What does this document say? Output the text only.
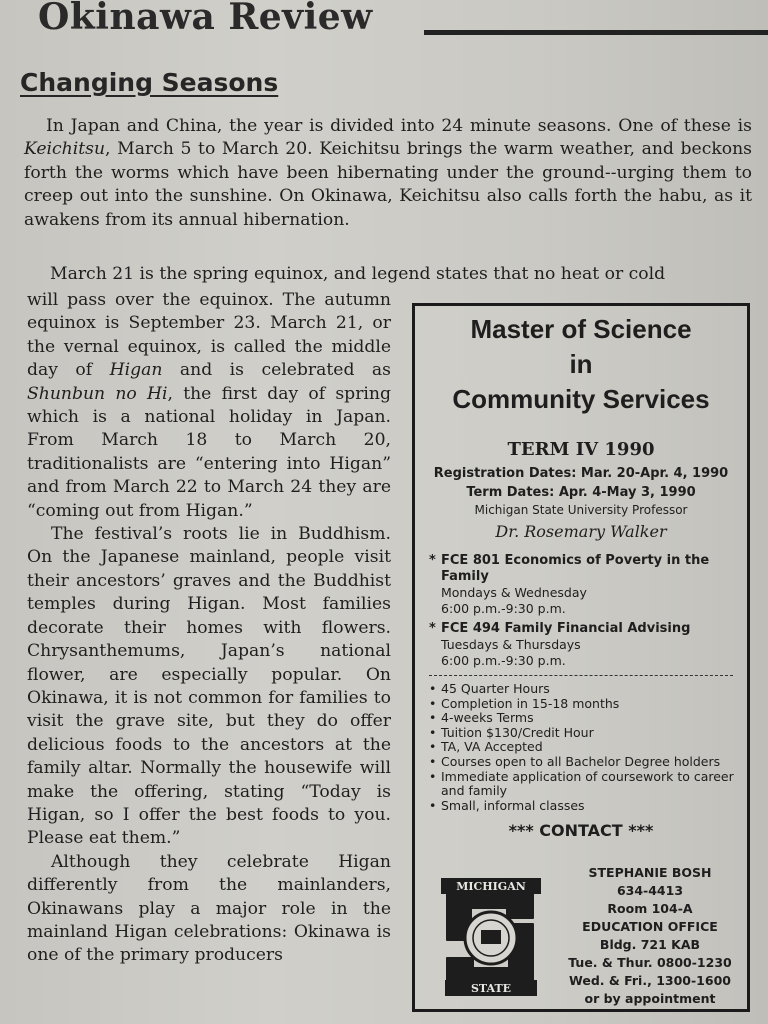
Okinawa Review
Changing Seasons
In Japan and China, the year is divided into 24 minute seasons. One of these is Keichitsu, March 5 to March 20. Keichitsu brings the warm weather, and beckons forth the worms which have been hibernating under the ground--urging them to creep out into the sunshine. On Okinawa, Keichitsu also calls forth the habu, as it awakens from its annual hibernation.
March 21 is the spring equinox, and legend states that no heat or cold

will pass over the equinox. The autumn equinox is September 23. March 21, or the vernal equinox, is called the middle day of Higan and is celebrated as Shunbun no Hi, the first day of spring which is a national holiday in Japan. From March 18 to March 20, traditionalists are “entering into Higan” and from March 22 to March 24 they are “coming out from Higan.”

The festival’s roots lie in Buddhism. On the Japanese mainland, people visit their ancestors’ graves and the Buddhist temples during Higan. Most families decorate their homes with flowers. Chrysanthemums, Japan’s national flower, are especially popular. On Okinawa, it is not common for families to visit the grave site, but they do offer delicious foods to the ancestors at the family altar. Normally the housewife will make the offering, stating “Today is Higan, so I offer the best foods to you. Please eat them.”

Although they celebrate Higan differently from the mainlanders, Okinawans play a major role in the mainland Higan celebrations: Okinawa is one of the primary producers

Master of Science
in
Community Services
TERM IV 1990
Registration Dates: Mar. 20-Apr. 4, 1990
Term Dates: Apr. 4-May 3, 1990
Michigan State University Professor
Dr. Rosemary Walker
* FCE 801 Economics of Poverty in the Family
Mondays & Wednesday
6:00 p.m.-9:30 p.m.
* FCE 494 Family Financial Advising
Tuesdays & Thursdays
6:00 p.m.-9:30 p.m.
• 45 Quarter Hours
• Completion in 15-18 months
• 4-weeks Terms
• Tuition $130/Credit Hour
• TA, VA Accepted
• Courses open to all Bachelor Degree holders
• Immediate application of coursework to career and family
• Small, informal classes
*** CONTACT ***
MICHIGAN
STATE
STEPHANIE BOSH
634-4413
Room 104-A
EDUCATION OFFICE
Bldg. 721 KAB
Tue. & Thur. 0800-1230
Wed. & Fri., 1300-1600
or by appointment
